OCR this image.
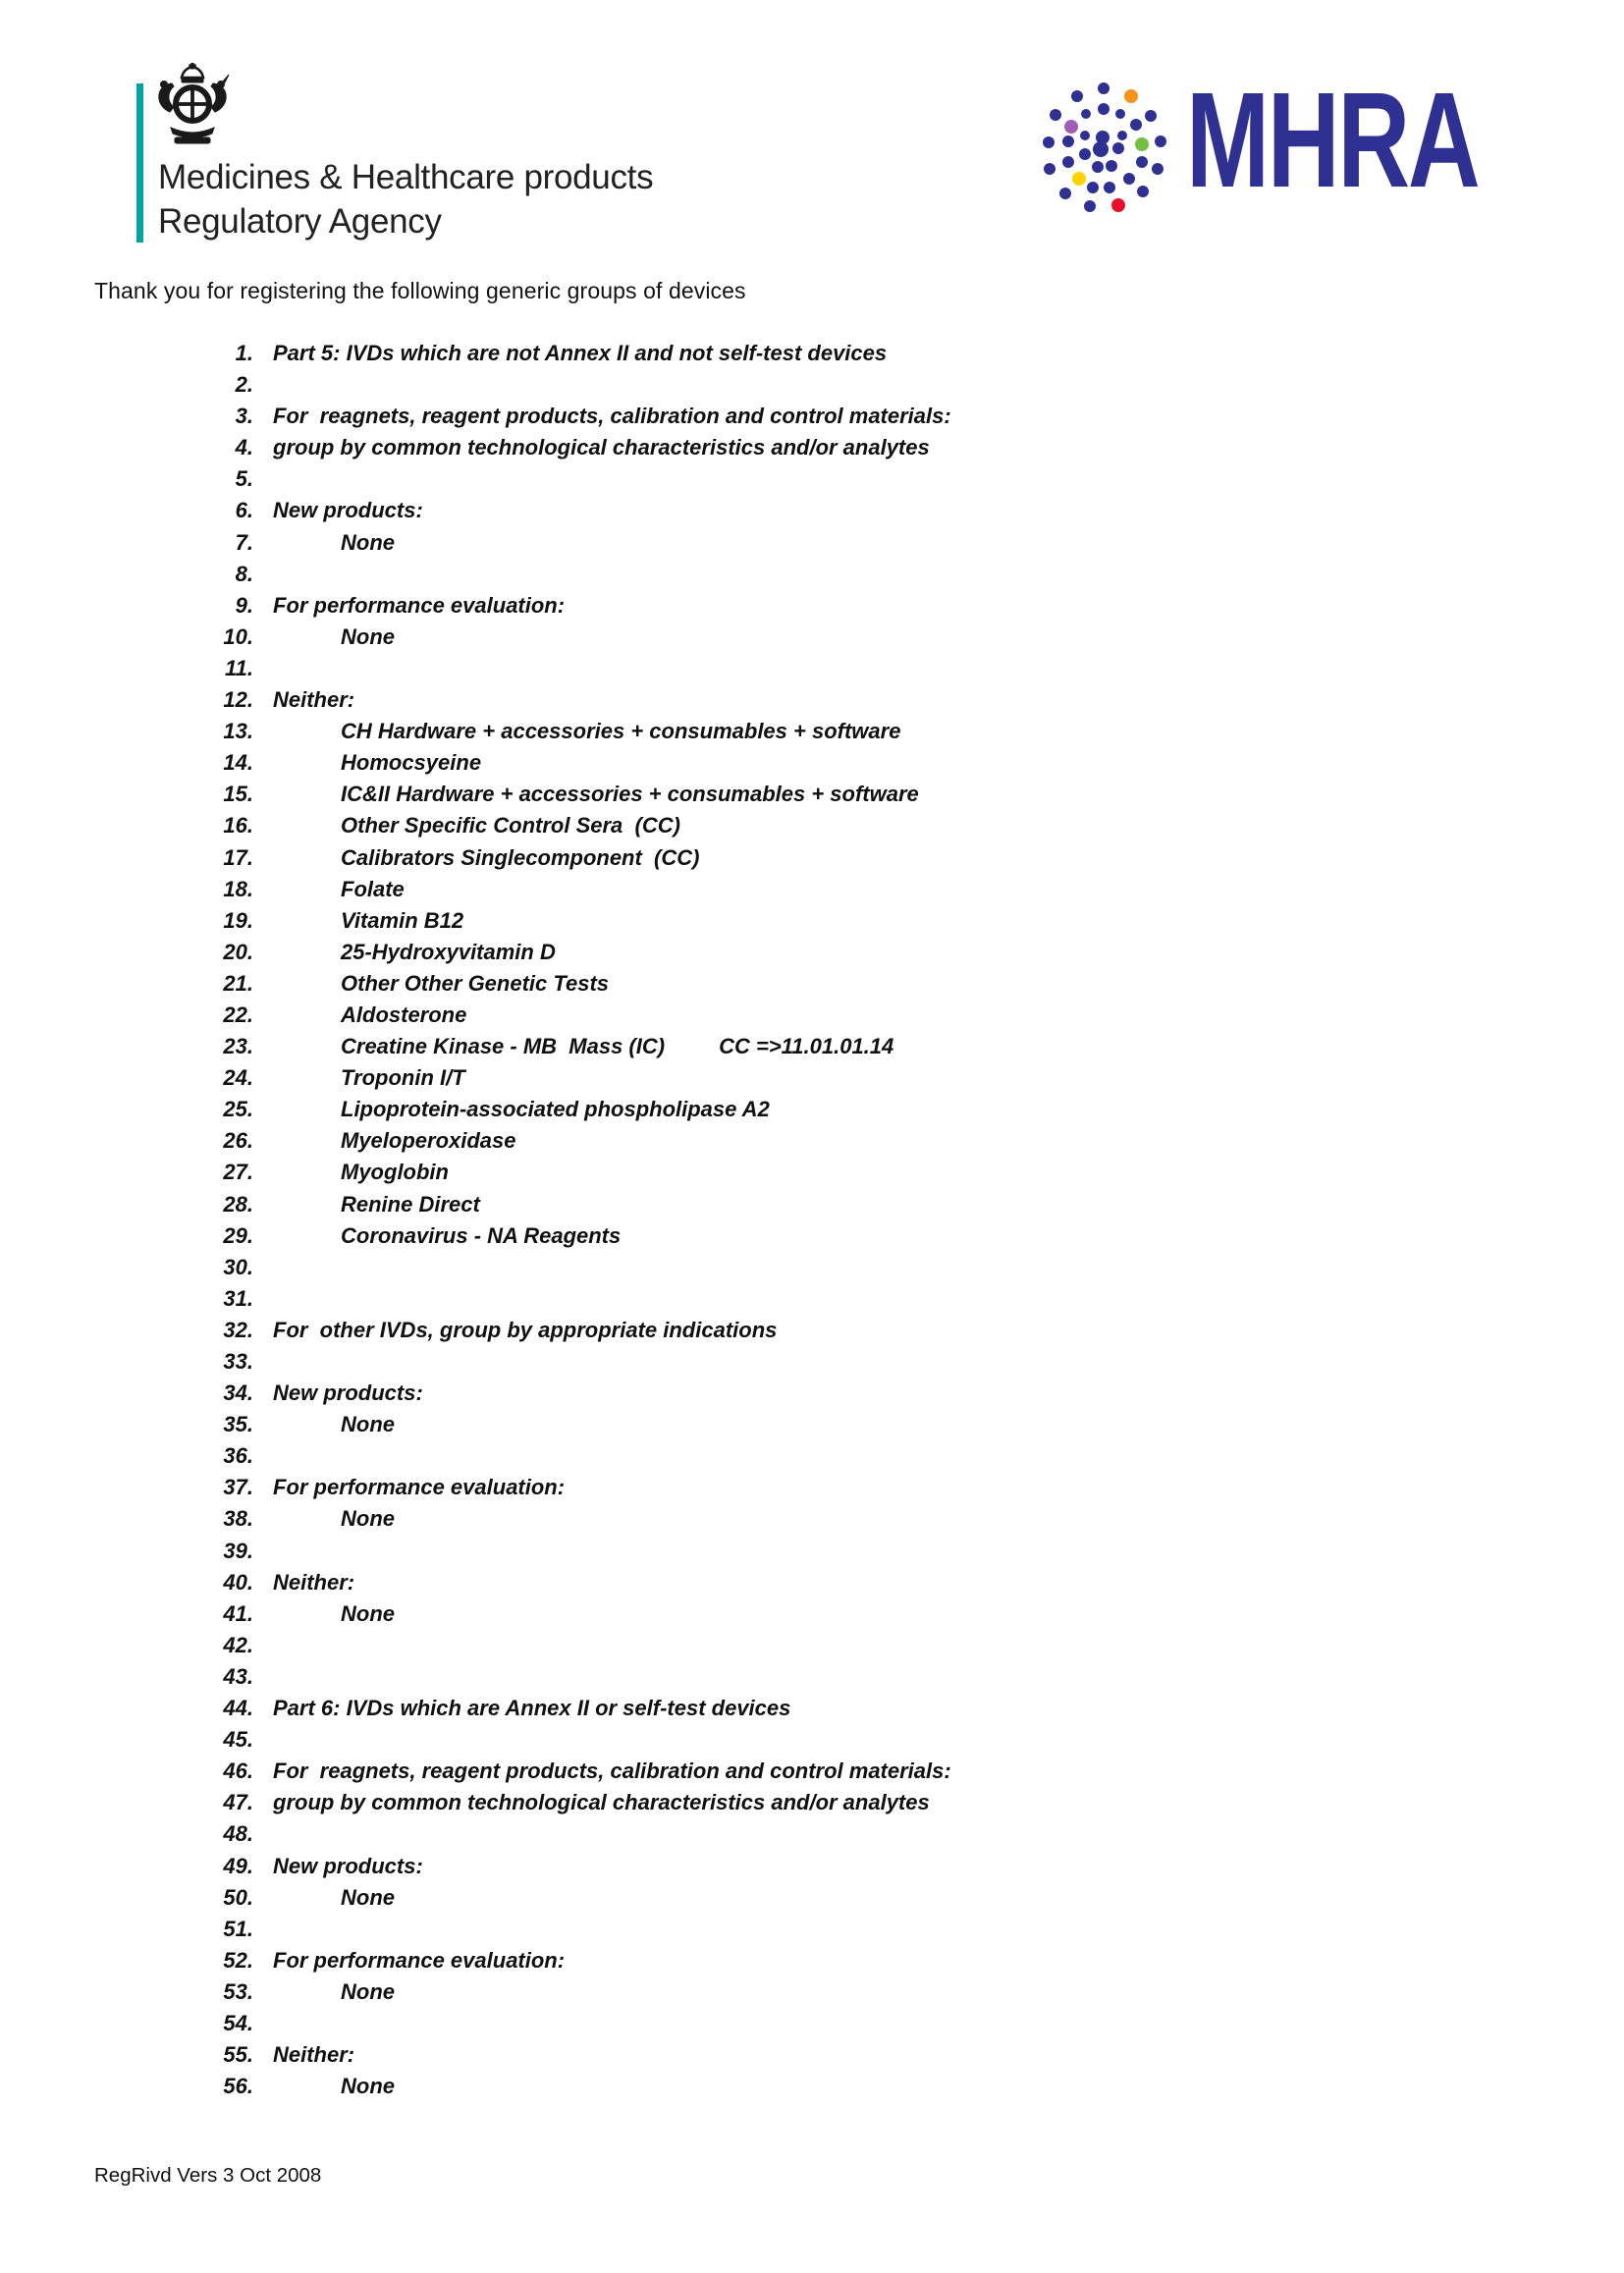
Medicines & Healthcare products
Regulatory Agency
MHRA

Thank you for registering the following generic groups of devices

1. Part 5: IVDs which are not Annex II and not self-test devices
2.
3. For  reagnets, reagent products, calibration and control materials:
4. group by common technological characteristics and/or analytes
5.
6. New products:
7.	None
8.
9. For performance evaluation:
10.	None
11.
12. Neither:
13.	CH Hardware + accessories + consumables + software
14.	Homocsyeine
15.	IC&II Hardware + accessories + consumables + software
16.	Other Specific Control Sera  (CC)
17.	Calibrators Singlecomponent  (CC)
18.	Folate
19.	Vitamin B12
20.	25-Hydroxyvitamin D
21.	Other Other Genetic Tests
22.	Aldosterone
23.	Creatine Kinase - MB  Mass (IC)         CC =>11.01.01.14
24.	Troponin I/T
25.	Lipoprotein-associated phospholipase A2
26.	Myeloperoxidase
27.	Myoglobin
28.	Renine Direct
29.	Coronavirus - NA Reagents
30.
31.
32. For  other IVDs, group by appropriate indications
33.
34. New products:
35.	None
36.
37. For performance evaluation:
38.	None
39.
40. Neither:
41.	None
42.
43.
44. Part 6: IVDs which are Annex II or self-test devices
45.
46. For  reagnets, reagent products, calibration and control materials:
47. group by common technological characteristics and/or analytes
48.
49. New products:
50.	None
51.
52. For performance evaluation:
53.	None
54.
55. Neither:
56.	None
RegRivd Vers 3 Oct 2008
